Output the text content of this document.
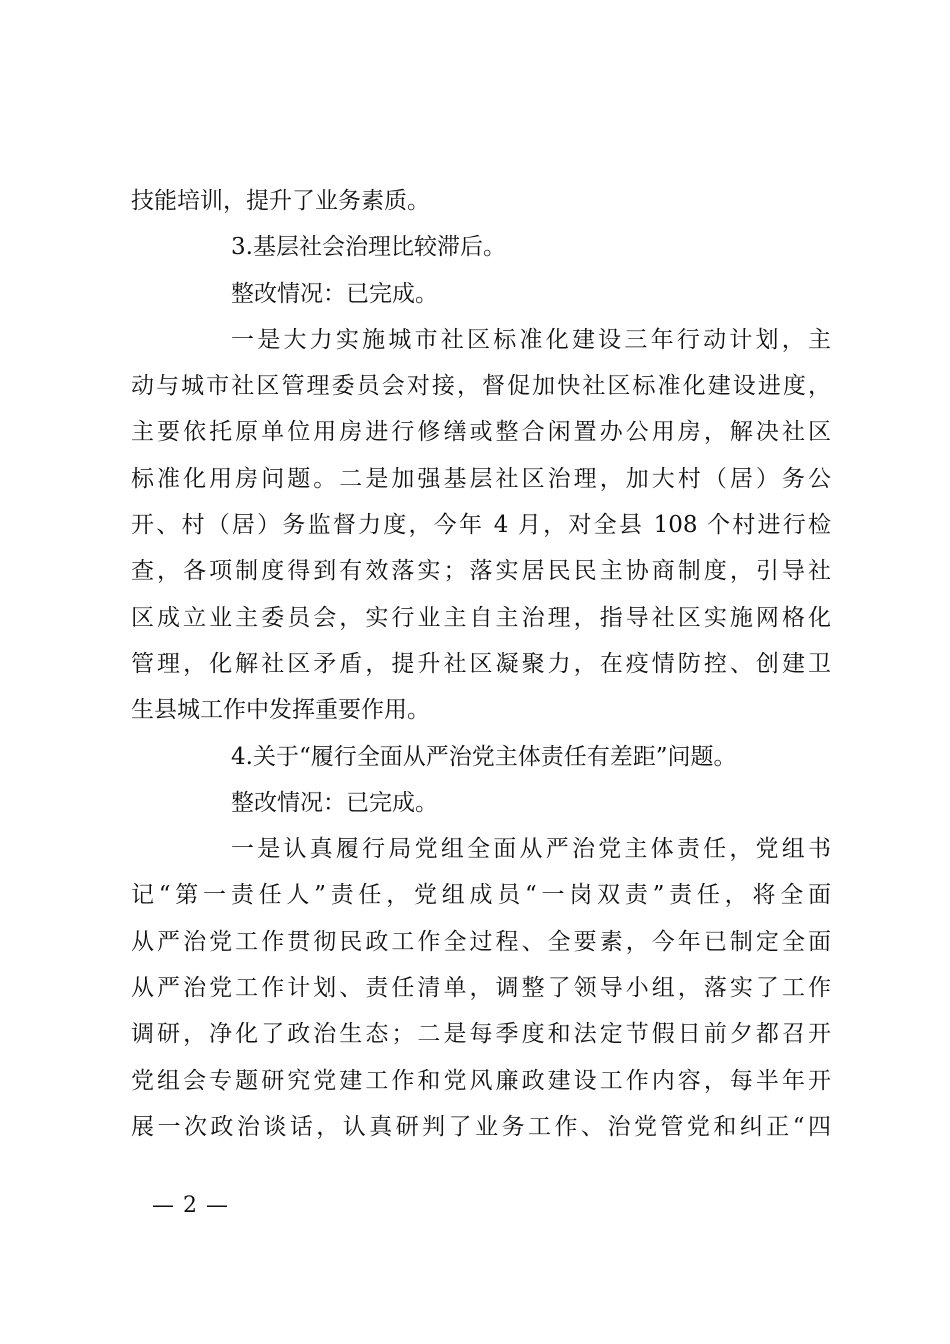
技能培训，提升了业务素质。
3.基层社会治理比较滞后。
整改情况：已完成。
一是大力实施城市社区标准化建设三年行动计划，主
动与城市社区管理委员会对接，督促加快社区标准化建设进度，
主要依托原单位用房进行修缮或整合闲置办公用房，解决社区
标准化用房问题。二是加强基层社区治理，加大村（居）务公
开、村（居）务监督力度，今年 4 月，对全县 108 个村进行检
查，各项制度得到有效落实；落实居民民主协商制度，引导社
区成立业主委员会，实行业主自主治理，指导社区实施网格化
管理，化解社区矛盾，提升社区凝聚力，在疫情防控、创建卫
生县城工作中发挥重要作用。
4.关于“履行全面从严治党主体责任有差距”问题。
整改情况：已完成。
一是认真履行局党组全面从严治党主体责任，党组书
记“第一责任人”责任，党组成员“一岗双责”责任，将全面
从严治党工作贯彻民政工作全过程、全要素，今年已制定全面
从严治党工作计划、责任清单，调整了领导小组，落实了工作
调研，净化了政治生态；二是每季度和法定节假日前夕都召开
党组会专题研究党建工作和党风廉政建设工作内容，每半年开
展一次政治谈话，认真研判了业务工作、治党管党和纠正“四
— 2 —
